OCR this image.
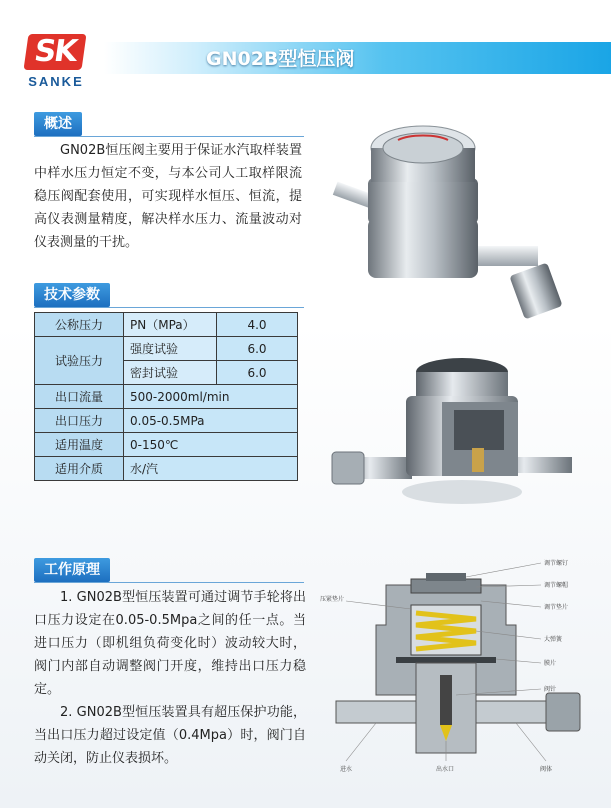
SK
SANKE
GN02B型恒压阀
概述

GN02B恒压阀主要用于保证水汽取样装置中样水压力恒定不变，与本公司人工取样限流稳压阀配套使用，可实现样水恒压、恒流，提高仪表测量精度，解决样水压力、流量波动对仪表测量的干扰。

技术参数
公称压力	PN（MPa）	4.0
试验压力	强度试验	6.0
	密封试验	6.0
出口流量	500-2000ml/min	
出口压力	0.05-0.5MPa	
适用温度	0-150℃	
适用介质	水/汽	
工作原理

1. GN02B型恒压装置可通过调节手轮将出口压力设定在0.05-0.5Mpa之间的任一点。当进口压力（即机组负荷变化时）波动较大时，阀门内部自动调整阀门开度，维持出口压力稳定。

2. GN02B型恒压装置具有超压保护功能，当出口压力超过设定值（0.4Mpa）时，阀门自动关闭，防止仪表损坏。

调节螺钉
调节螺帽
调节垫片
压紧垫片
大弹簧
膜片
阀针
进水	出水口	阀体
